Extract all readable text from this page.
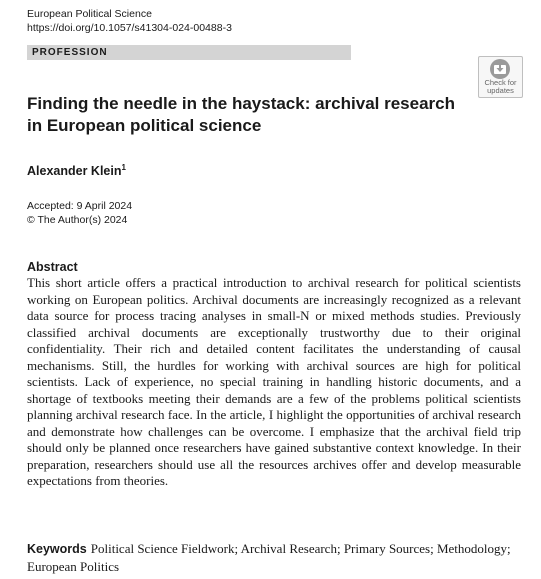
European Political Science
https://doi.org/10.1057/s41304-024-00488-3
PROFESSION
Check for
updates
Finding the needle in the haystack: archival research in European political science
Alexander Klein$^1$
Accepted: 9 April 2024
© The Author(s) 2024
Abstract

This short article offers a practical introduction to archival research for political scientists working on European politics. Archival documents are increasingly recognized as a relevant data source for process tracing analyses in small-N or mixed methods studies. Previously classified archival documents are exceptionally trustworthy due to their original confidentiality. Their rich and detailed content facilitates the understanding of causal mechanisms. Still, the hurdles for working with archival sources are high for political scientists. Lack of experience, no special training in handling historic documents, and a shortage of textbooks meeting their demands are a few of the problems political scientists planning archival research face. In the article, I highlight the opportunities of archival research and demonstrate how challenges can be overcome. I emphasize that the archival field trip should only be planned once researchers have gained substantive context knowledge. In their preparation, researchers should use all the resources archives offer and develop measurable expectations from theories.

Keywords Political Science Fieldwork; Archival Research; Primary Sources; Methodology; European Politics
